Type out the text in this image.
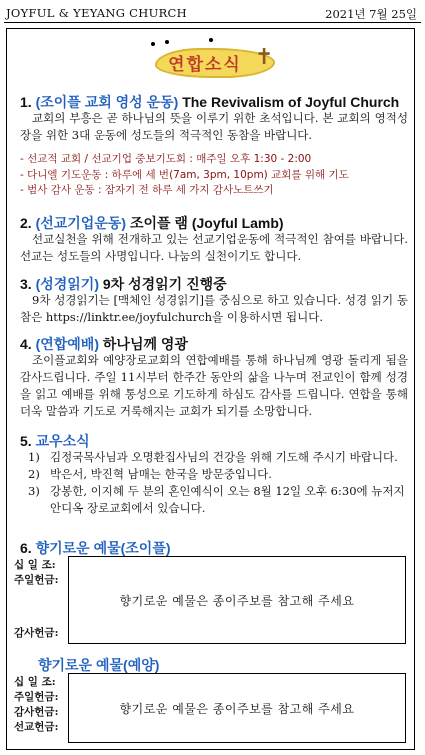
JOYFUL & YEYANG CHURCH	2021년 7월 25일
연합소식 ✝
1. (조이플 교회 영성 운동) The Revivalism of Joyful Church
교회의 부흥은 곧 하나님의 뜻을 이루기 위한 초석입니다. 본 교회의 영적성장을 위한 3대 운동에 성도들의 적극적인 동참을 바랍니다.
- 선교적 교회 / 선교기업 중보기도회 : 매주일 오후 1:30 - 2:00
- 다니엘 기도운동 : 하루에 세 번(7am, 3pm, 10pm) 교회를 위해 기도
- 범사 감사 운동 : 잠자기 전 하루 세 가지 감사노트쓰기
2. (선교기업운동) 조이플 램 (Joyful Lamb)
선교실천을 위해 전개하고 있는 선교기업운동에 적극적인 참여를 바랍니다. 선교는 성도들의 사명입니다. 나눔의 실천이기도 합니다.
3. (성경읽기) 9차 성경읽기 진행중
9차 성경읽기는 [맥체인 성경읽기]를 중심으로 하고 있습니다. 성경 읽기 동참은 https://linktr.ee/joyfulchurch을 이용하시면 됩니다.
4. (연합예배) 하나님께 영광
조이플교회와 예양장로교회의 연합예배를 통해 하나님께 영광 돌리게 됨을 감사드립니다. 주일 11시부터 한주간 동안의 삶을 나누며 전교인이 함께 성경을 읽고 예배를 위해 통성으로 기도하게 하심도 감사를 드립니다. 연합을 통해 더욱 말씀과 기도로 거룩해지는 교회가 되기를 소망합니다.
5. 교우소식
1) 김정국목사님과 오명환집사님의 건강을 위해 기도해 주시기 바랍니다.
2) 박은서, 박진혁 남매는 한국을 방문중입니다.
3) 강봉한, 이지혜 두 분의 혼인예식이 오는 8월 12일 오후 6:30에 뉴저지 안디옥 장로교회에서 있습니다.
6. 향기로운 예물(조이플)
십 일 조:
주일헌금:
감사헌금:
향기로운 예물은 종이주보를 참고해 주세요
향기로운 예물(예양)
십 일 조:
주일헌금:
감사헌금:
선교헌금:
향기로운 예물은 종이주보를 참고해 주세요
